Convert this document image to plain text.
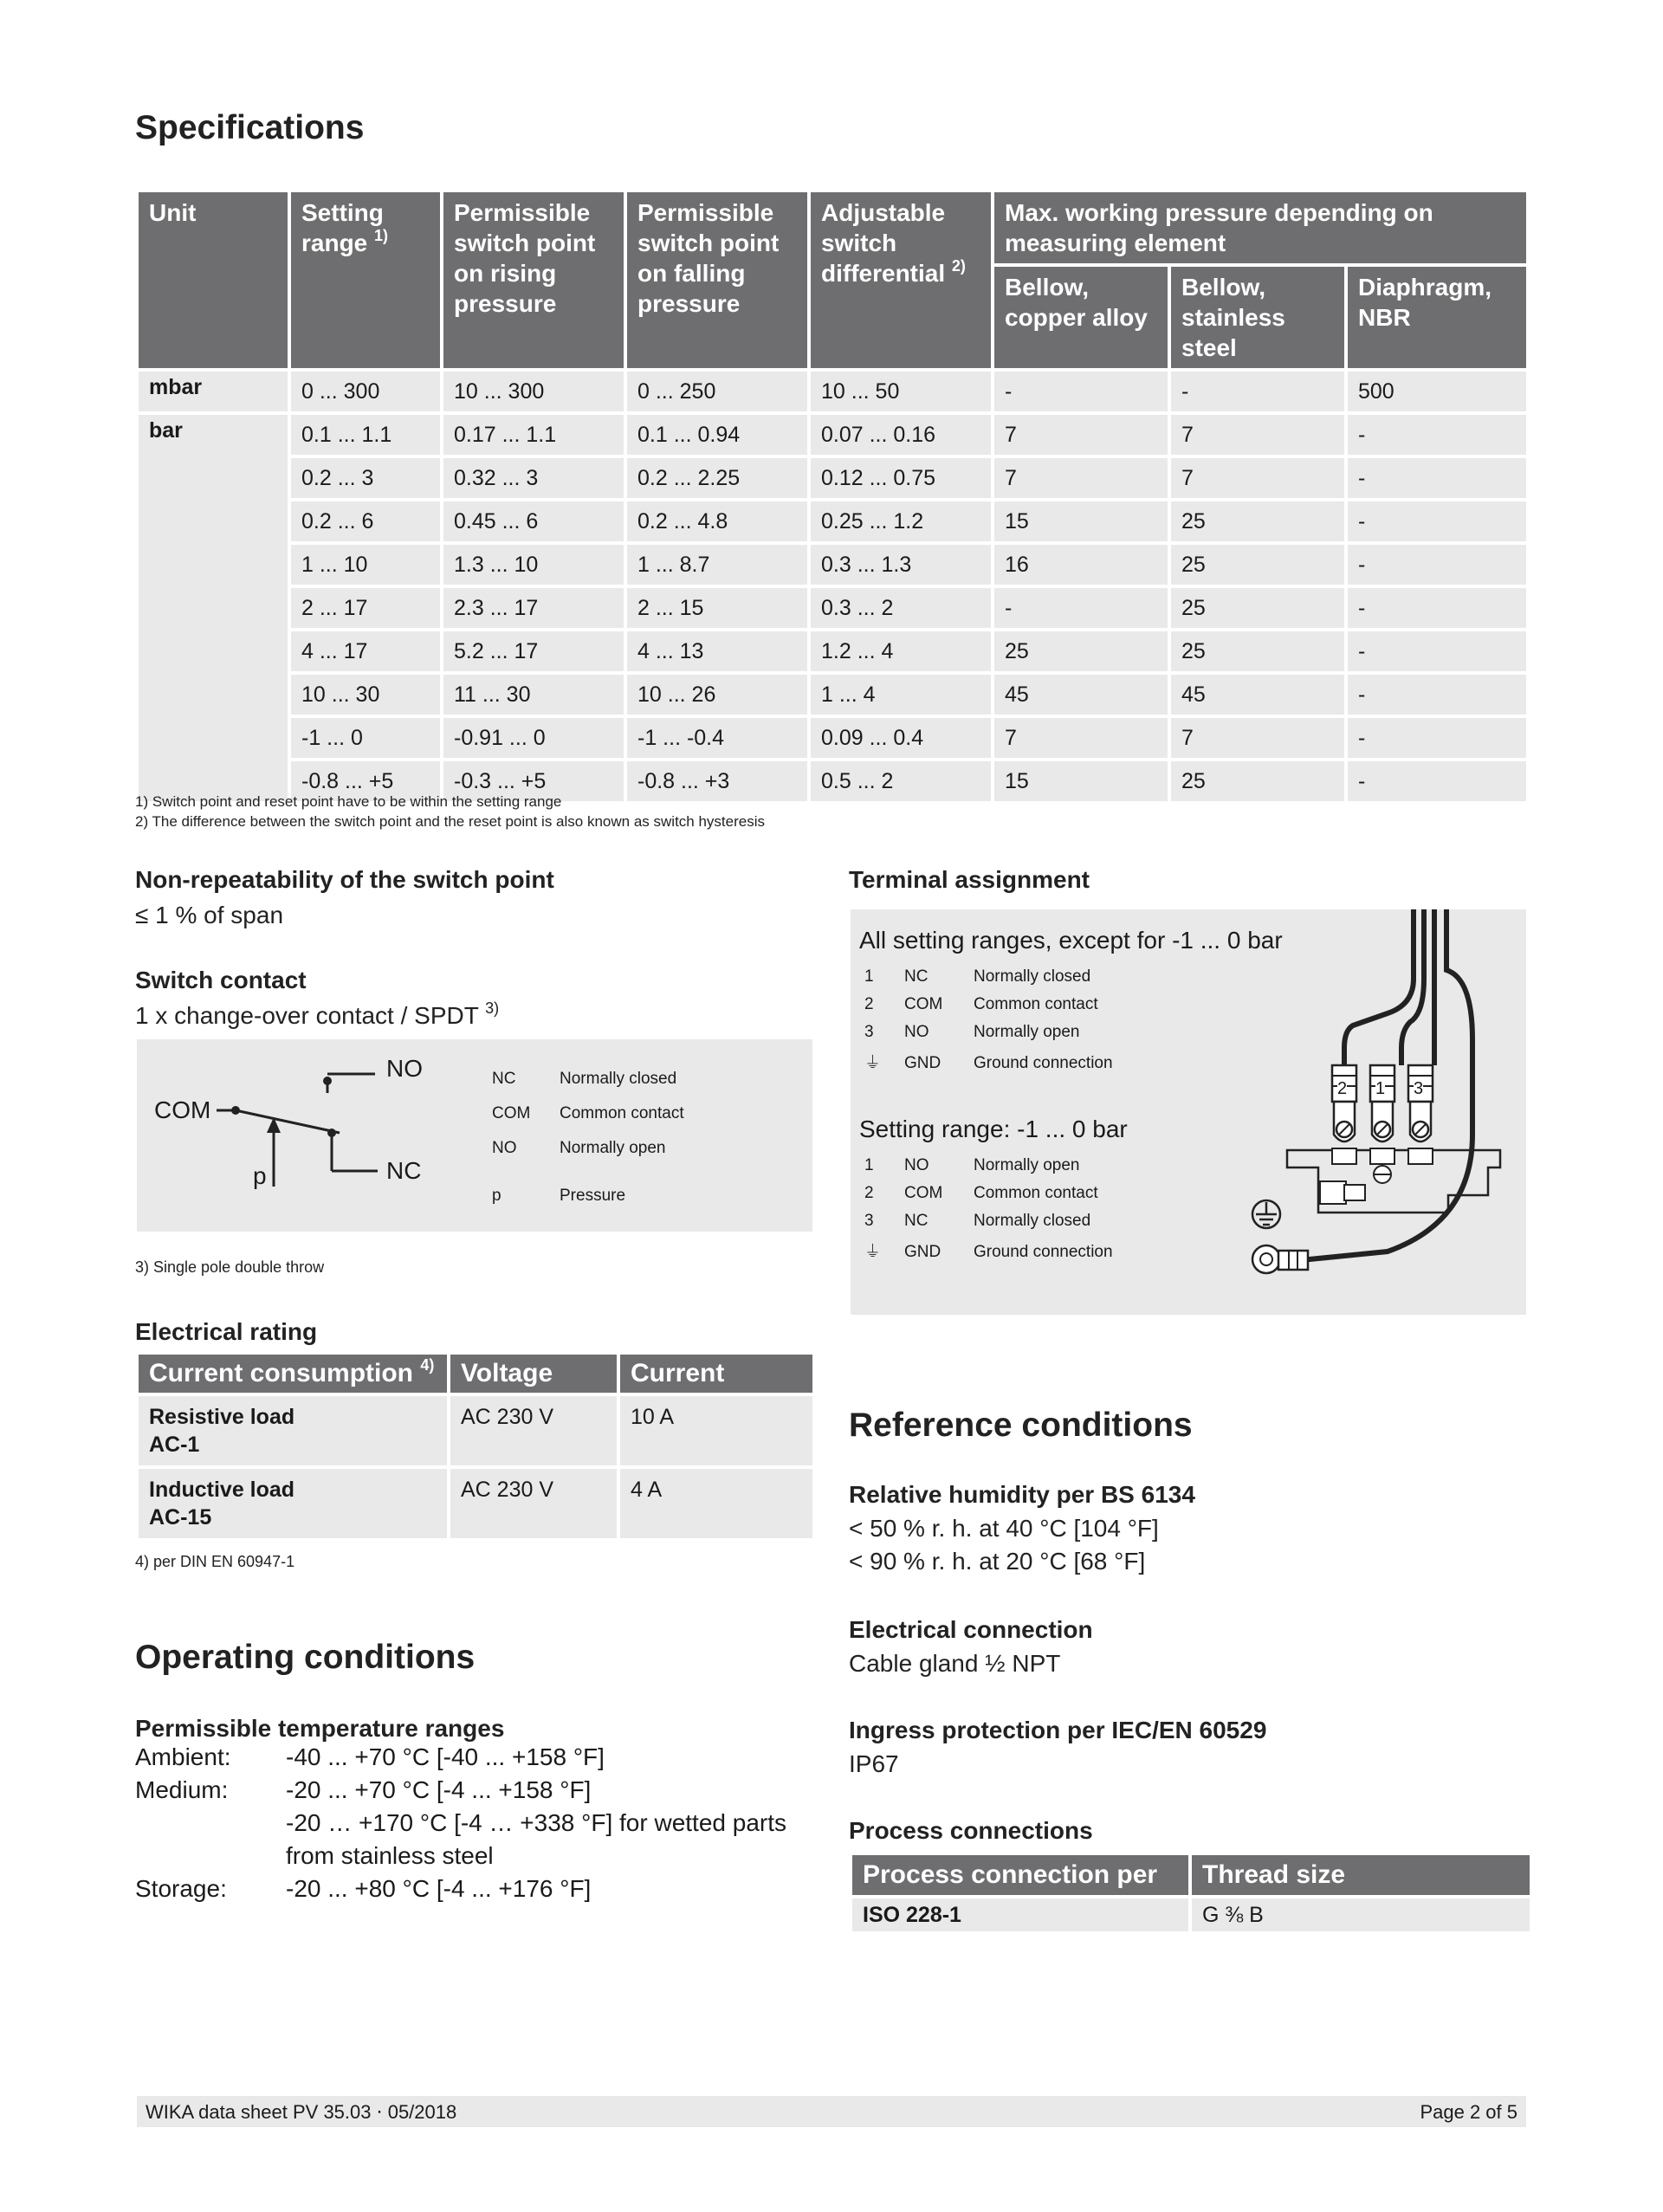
Specifications
Unit	Setting range $^{1)}$	Permissible switch point on rising pressure	Permissible switch point on falling pressure	Adjustable switch differential $^{2)}$	Max. working pressure depending on measuring element		
					Bellow, copper alloy	Bellow, stainless steel	Diaphragm, NBR
mbar	0 ... 300	10 ... 300	0 ... 250	10 ... 50	-	-	500
bar	0.1 ... 1.1	0.17 ... 1.1	0.1 ... 0.94	0.07 ... 0.16	7	7	-
	0.2 ... 3	0.32 ... 3	0.2 ... 2.25	0.12 ... 0.75	7	7	-
	0.2 ... 6	0.45 ... 6	0.2 ... 4.8	0.25 ... 1.2	15	25	-
	1 ... 10	1.3 ... 10	1 ... 8.7	0.3 ... 1.3	16	25	-
	2 ... 17	2.3 ... 17	2 ... 15	0.3 ... 2	-	25	-
	4 ... 17	5.2 ... 17	4 ... 13	1.2 ... 4	25	25	-
	10 ... 30	11 ... 30	10 ... 26	1 ... 4	45	45	-
	-1 ... 0	-0.91 ... 0	-1 ... -0.4	0.09 ... 0.4	7	7	-
	-0.8 ... +5	-0.3 ... +5	-0.8 ... +3	0.5 ... 2	15	25	-
1) Switch point and reset point have to be within the setting range
2) The difference between the switch point and the reset point is also known as switch hysteresis
Non-repeatability of the switch point

≤ 1 % of span

Switch contact

1 x change-over contact / SPDT $^{3)}$

COM
NO
NC
p
NC	Normally closed
COM Common contact
NO	Normally open
p	Pressure
3) Single pole double throw
Electrical rating
Current consumption $^{4)}$	Voltage	Current
Resistive load
AC-1	AC 230 V	10 A
Inductive load
AC-15	AC 230 V	4 A
4) per DIN EN 60947-1
Operating conditions
Permissible temperature ranges
Ambient: -40 ... +70 °C [-40 ... +158 °F]
Medium: -20 ... +70 °C [-4 ... +158 °F]
-20 … +170 °C [-4 … +338 °F] for wetted parts
from stainless steel
Storage: -20 ... +80 °C [-4 ... +176 °F]
Terminal assignment
All setting ranges, except for -1 ... 0 bar
1	NC	Normally closed
2	COM	Common contact
3	NO	Normally open
⏚	GND	Ground connection
Setting range: -1 ... 0 bar
1	NO	Normally open
2	COM	Common contact
3	NC	Normally closed
⏚	GND	Ground connection
2 1 3
Reference conditions
Relative humidity per BS 6134

< 50 % r. h. at 40 °C [104 °F]

< 90 % r. h. at 20 °C [68 °F]

Electrical connection

Cable gland ½ NPT

Ingress protection per IEC/EN 60529

IP67

Process connections
Process connection per	Thread size
ISO 228-1	G ⅜ B
WIKA data sheet PV 35.03 ⋅ 05/2018	Page 2 of 5
